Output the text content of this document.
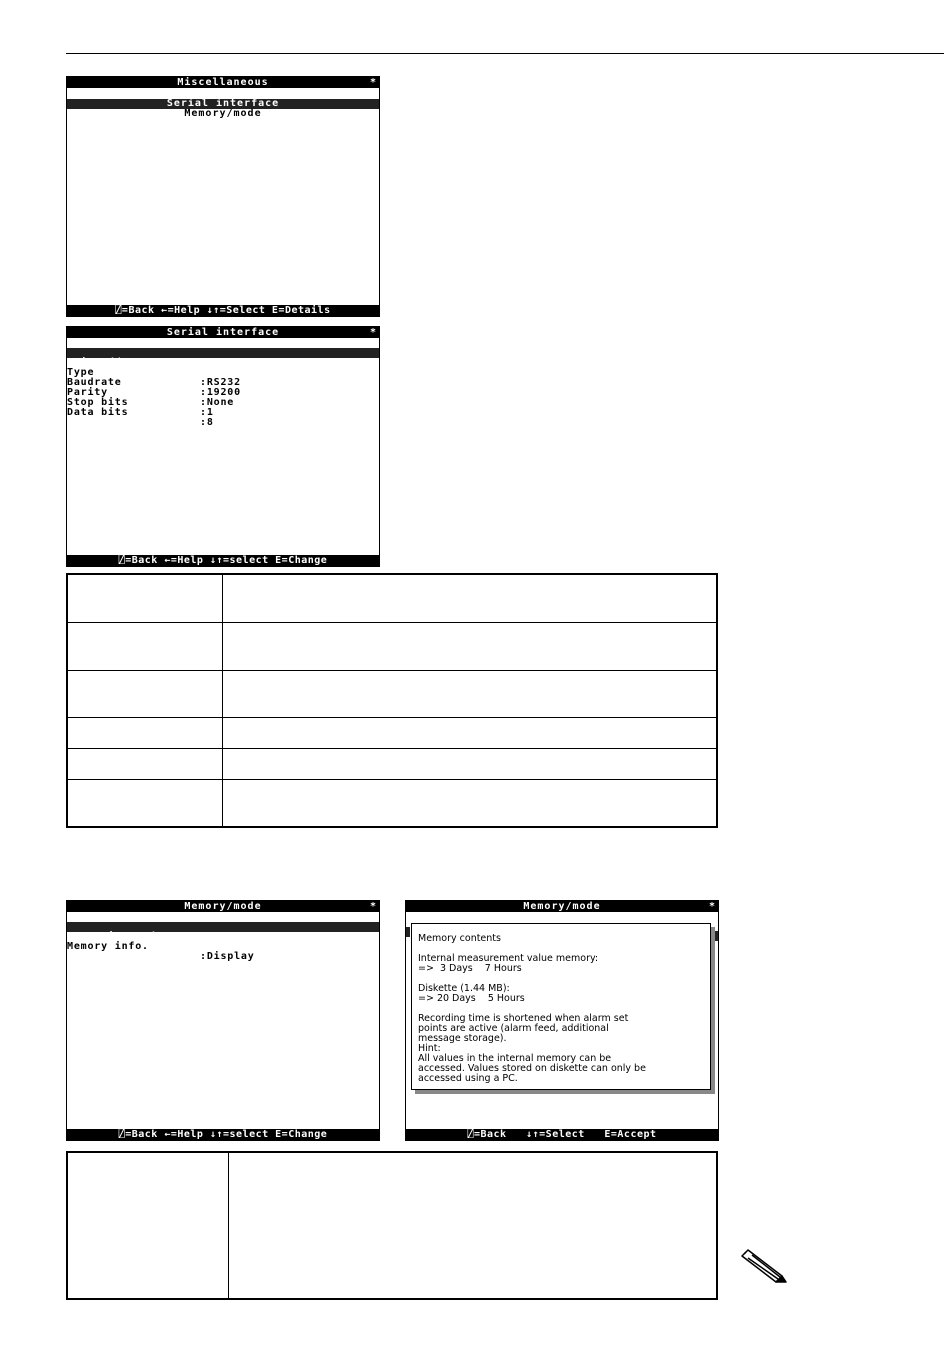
Miscellaneous	*
Serial interface
Memory/mode
⍁=Back ←=Help ↓↑=Select E=Details
Serial interface	*

Unit address

:01

Type

:RS232

Baudrate

:19200

Parity

:None

Stop bits

:1

Data bits

:8

⍁=Back ←=Help ↓↑=select E=Change

Memory/mode	*

Operating mode

:Normal operation

Memory info.

:Display

⍁=Back ←=Help ↓↑=select E=Change
Memory/mode	*

Memory contents

Internal measurement value memory:

=>  3 Days    7 Hours

Diskette (1.44 MB):

=> 20 Days    5 Hours

Recording time is shortened when alarm set

points are active (alarm feed, additional

message storage).

Hint:

All values in the internal memory can be

accessed. Values stored on diskette can only be

accessed using a PC.

⍁=Back   ↓↑=Select   E=Accept
